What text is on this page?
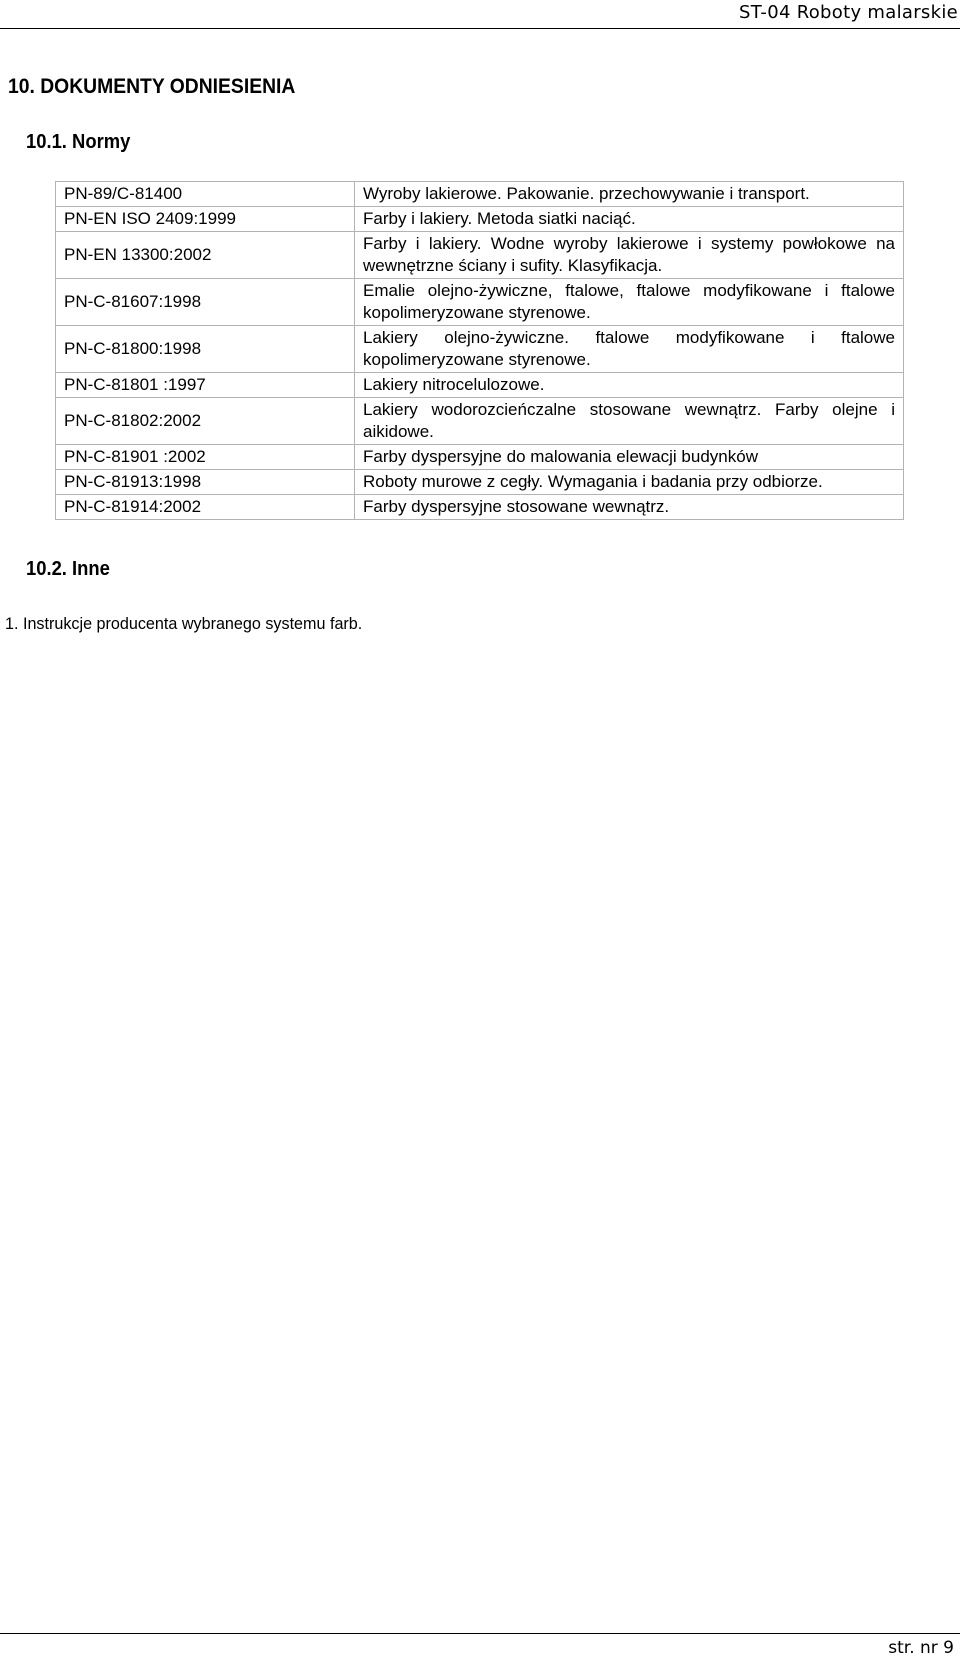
ST-04 Roboty malarskie
10. DOKUMENTY ODNIESIENIA
10.1. Normy
PN-89/C-81400	Wyroby lakierowe. Pakowanie. przechowywanie i transport.
PN-EN ISO 2409:1999	Farby i lakiery. Metoda siatki naciąć.
PN-EN 13300:2002	Farby i lakiery. Wodne wyroby lakierowe i systemy powłokowe na wewnętrzne ściany i sufity. Klasyfikacja.
PN-C-81607:1998	Emalie olejno-żywiczne, ftalowe, ftalowe modyfikowane i ftalowe kopolimeryzowane styrenowe.
PN-C-81800:1998	Lakiery olejno-żywiczne. ftalowe modyfikowane i ftalowe kopolimeryzowane styrenowe.
PN-C-81801 :1997	Lakiery nitrocelulozowe.
PN-C-81802:2002	Lakiery wodorozcieńczalne stosowane wewnątrz. Farby olejne i aikidowe.
PN-C-81901 :2002	Farby dyspersyjne do malowania elewacji budynków
PN-C-81913:1998	Roboty murowe z cegły. Wymagania i badania przy odbiorze.
PN-C-81914:2002	Farby dyspersyjne stosowane wewnątrz.
10.2. Inne
1. Instrukcje producenta wybranego systemu farb.
str. nr 9
